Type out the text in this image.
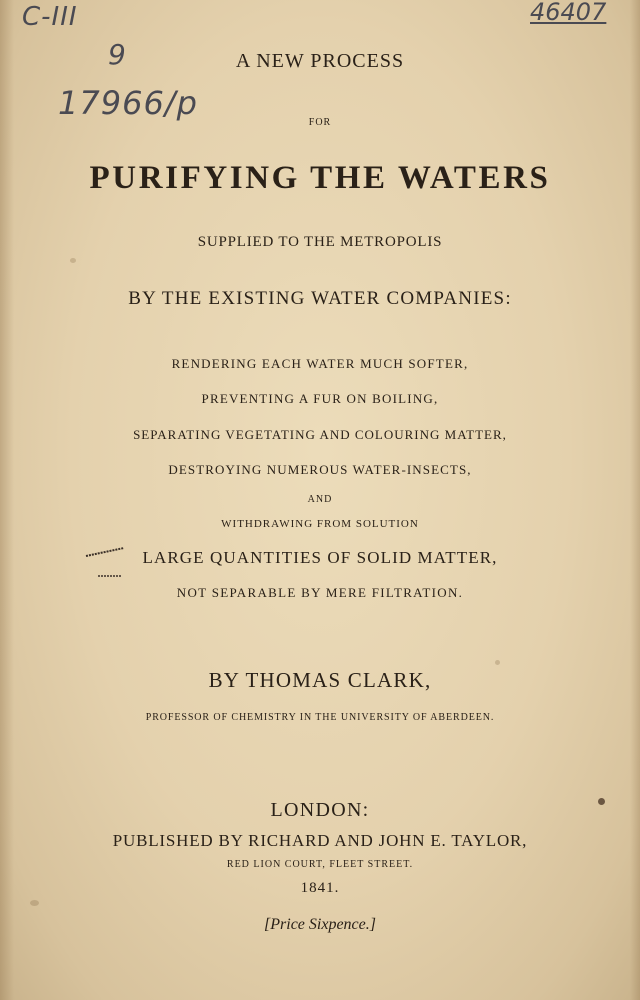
C-III
9
17966/p
46407
A NEW PROCESS
FOR
PURIFYING THE WATERS
SUPPLIED TO THE METROPOLIS
BY THE EXISTING WATER COMPANIES:
RENDERING EACH WATER MUCH SOFTER,
PREVENTING A FUR ON BOILING,
SEPARATING VEGETATING AND COLOURING MATTER,
DESTROYING NUMEROUS WATER-INSECTS,
AND
WITHDRAWING FROM SOLUTION
LARGE QUANTITIES OF SOLID MATTER,
NOT SEPARABLE BY MERE FILTRATION.
BY THOMAS CLARK,
PROFESSOR OF CHEMISTRY IN THE UNIVERSITY OF ABERDEEN.
LONDON:
PUBLISHED BY RICHARD AND JOHN E. TAYLOR,
RED LION COURT, FLEET STREET.
1841.
[Price Sixpence.]
